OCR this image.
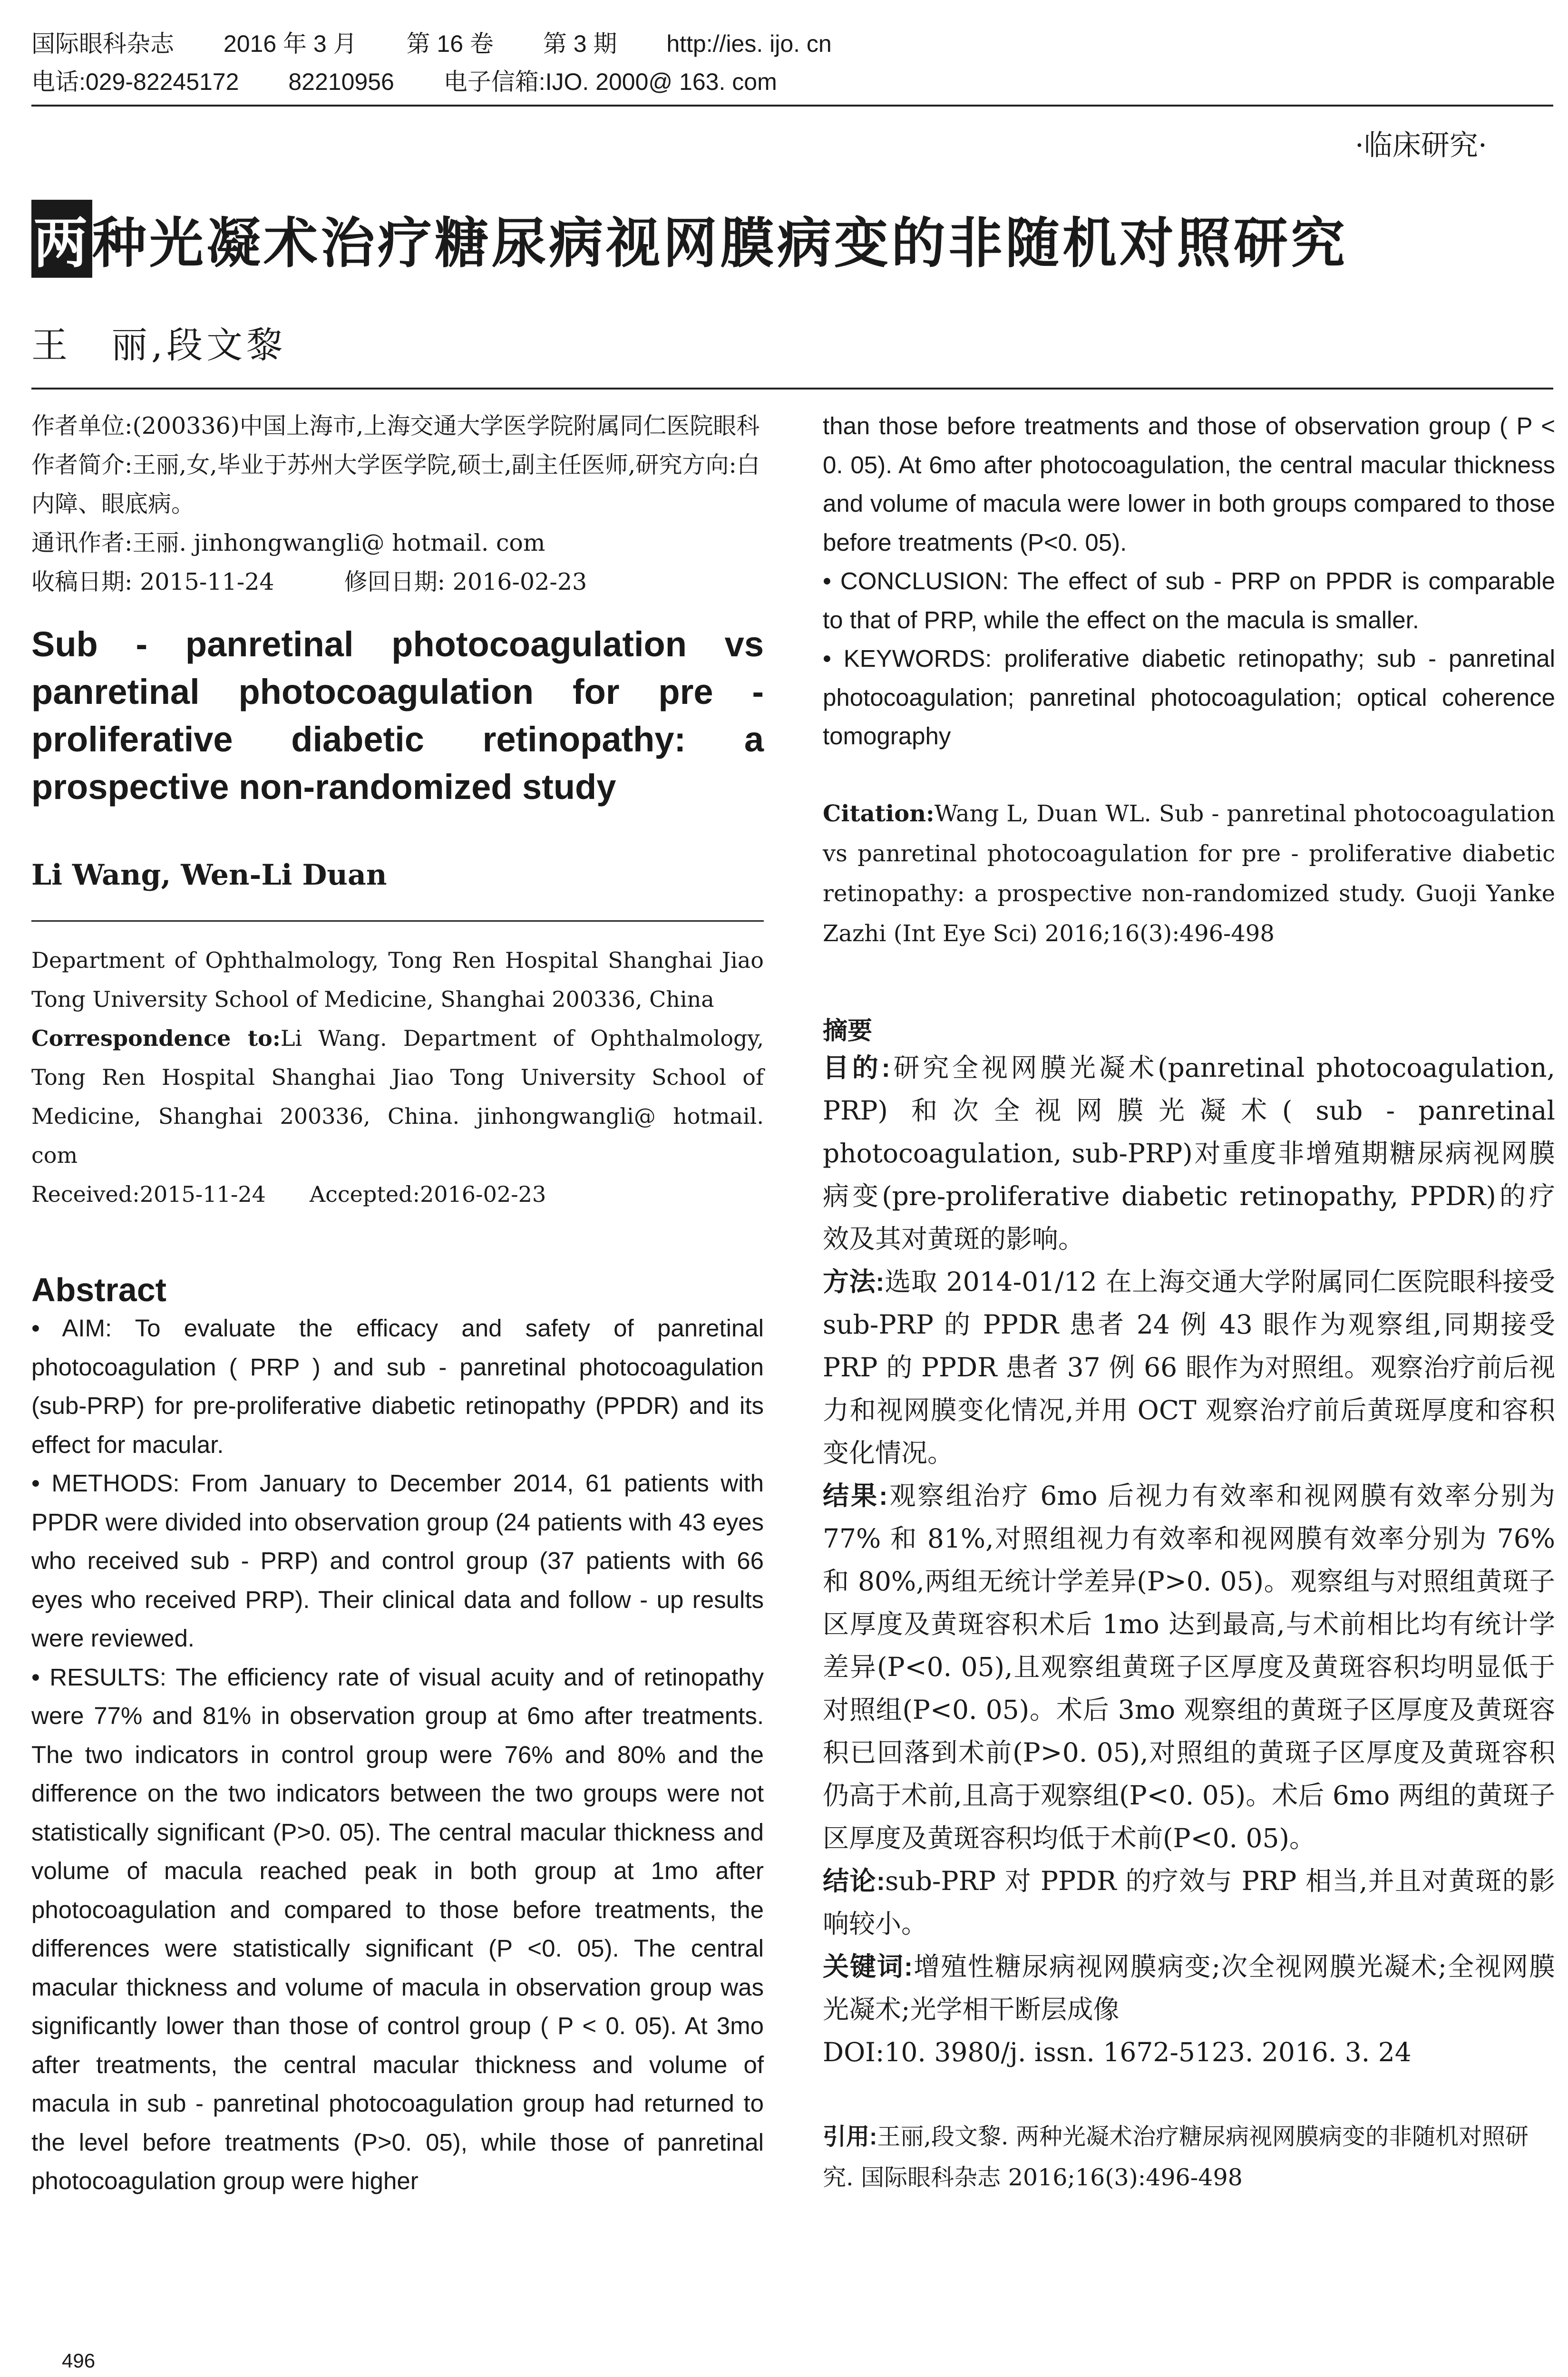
国际眼科杂志 2016 年 3 月 第 16 卷 第 3 期 http://ies. ijo. cn
电话:029-82245172 82210956 电子信箱:IJO. 2000@ 163. com
·临床研究·
两种光凝术治疗糖尿病视网膜病变的非随机对照研究
王　丽,段文黎

作者单位:(200336)中国上海市,上海交通大学医学院附属同仁医院眼科

作者简介:王丽,女,毕业于苏州大学医学院,硕士,副主任医师,研究方向:白内障、眼底病。

通讯作者:王丽. jinhongwangli@ hotmail. com

收稿日期: 2015-11-24　　　修回日期: 2016-02-23

Sub - panretinal photocoagulation vs panretinal photocoagulation for pre - proliferative diabetic retinopathy: a prospective non-randomized study
Li Wang, Wen-Li Duan
Department of Ophthalmology, Tong Ren Hospital Shanghai Jiao Tong University School of Medicine, Shanghai 200336, China
Correspondence to:Li Wang. Department of Ophthalmology, Tong Ren Hospital Shanghai Jiao Tong University School of Medicine, Shanghai 200336, China. jinhongwangli@ hotmail. com
Received:2015-11-24　　Accepted:2016-02-23
Abstract

• AIM: To evaluate the efficacy and safety of panretinal photocoagulation ( PRP ) and sub - panretinal photocoagulation (sub-PRP) for pre-proliferative diabetic retinopathy (PPDR) and its effect for macular.

• METHODS: From January to December 2014, 61 patients with PPDR were divided into observation group (24 patients with 43 eyes who received sub - PRP) and control group (37 patients with 66 eyes who received PRP). Their clinical data and follow - up results were reviewed.

• RESULTS: The efficiency rate of visual acuity and of retinopathy were 77% and 81% in observation group at 6mo after treatments. The two indicators in control group were 76% and 80% and the difference on the two indicators between the two groups were not statistically significant (P>0. 05). The central macular thickness and volume of macula reached peak in both group at 1mo after photocoagulation and compared to those before treatments, the differences were statistically significant (P <0. 05). The central macular thickness and volume of macula in observation group was significantly lower than those of control group ( P < 0. 05). At 3mo after treatments, the central macular thickness and volume of macula in sub - panretinal photocoagulation group had returned to the level before treatments (P>0. 05), while those of panretinal photocoagulation group were higher

than those before treatments and those of observation group ( P < 0. 05). At 6mo after photocoagulation, the central macular thickness and volume of macula were lower in both groups compared to those before treatments (P<0. 05).

• CONCLUSION: The effect of sub - PRP on PPDR is comparable to that of PRP, while the effect on the macula is smaller.

• KEYWORDS: proliferative diabetic retinopathy; sub - panretinal photocoagulation; panretinal photocoagulation; optical coherence tomography

Citation:Wang L, Duan WL. Sub - panretinal photocoagulation vs panretinal photocoagulation for pre - proliferative diabetic retinopathy: a prospective non-randomized study. Guoji Yanke Zazhi (Int Eye Sci) 2016;16(3):496-498
摘要

目的:研究全视网膜光凝术(panretinal photocoagulation, PRP) 和次全视网膜光凝术( sub - panretinal photocoagulation, sub-PRP)对重度非增殖期糖尿病视网膜病变(pre-proliferative diabetic retinopathy, PPDR)的疗效及其对黄斑的影响。

方法:选取 2014-01/12 在上海交通大学附属同仁医院眼科接受 sub-PRP 的 PPDR 患者 24 例 43 眼作为观察组,同期接受 PRP 的 PPDR 患者 37 例 66 眼作为对照组。观察治疗前后视力和视网膜变化情况,并用 OCT 观察治疗前后黄斑厚度和容积变化情况。

结果:观察组治疗 6mo 后视力有效率和视网膜有效率分别为 77% 和 81%,对照组视力有效率和视网膜有效率分别为 76% 和 80%,两组无统计学差异(P>0. 05)。观察组与对照组黄斑子区厚度及黄斑容积术后 1mo 达到最高,与术前相比均有统计学差异(P<0. 05),且观察组黄斑子区厚度及黄斑容积均明显低于对照组(P<0. 05)。术后 3mo 观察组的黄斑子区厚度及黄斑容积已回落到术前(P>0. 05),对照组的黄斑子区厚度及黄斑容积仍高于术前,且高于观察组(P<0. 05)。术后 6mo 两组的黄斑子区厚度及黄斑容积均低于术前(P<0. 05)。

结论:sub-PRP 对 PPDR 的疗效与 PRP 相当,并且对黄斑的影响较小。

关键词:增殖性糖尿病视网膜病变;次全视网膜光凝术;全视网膜光凝术;光学相干断层成像

DOI:10. 3980/j. issn. 1672-5123. 2016. 3. 24

引用:王丽,段文黎. 两种光凝术治疗糖尿病视网膜病变的非随机对照研究. 国际眼科杂志 2016;16(3):496-498
496
